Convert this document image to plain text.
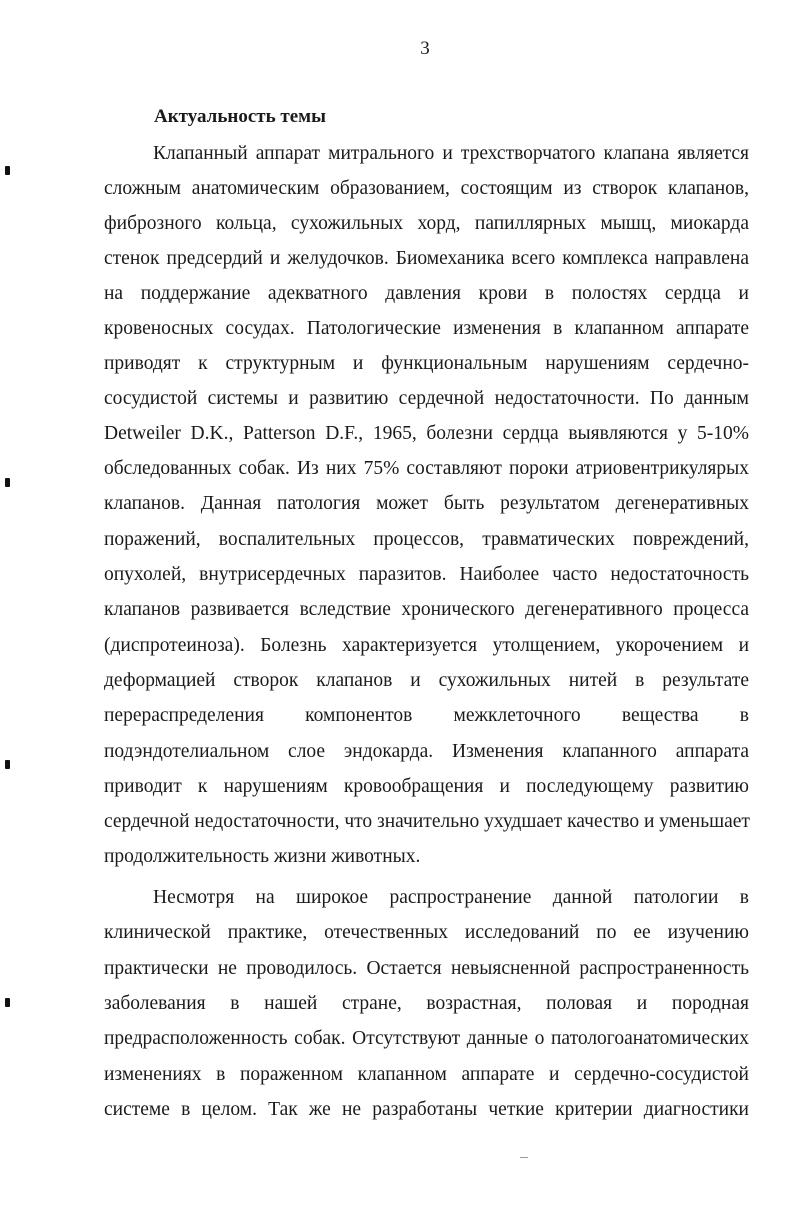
3
Актуальность темы
Клапанный аппарат митрального и трехстворчатого клапана является
сложным анатомическим образованием, состоящим из створок клапанов,
фиброзного кольца, сухожильных хорд, папиллярных мышц, миокарда
стенок предсердий и желудочков. Биомеханика всего комплекса направлена
на поддержание адекватного давления крови в полостях сердца и
кровеносных сосудах. Патологические изменения в клапанном аппарате
приводят к структурным и функциональным нарушениям сердечно-
сосудистой системы и развитию сердечной недостаточности. По данным
Detweiler D.K., Patterson D.F., 1965, болезни сердца выявляются у 5-10%
обследованных собак. Из них 75% составляют пороки атриовентрикулярых
клапанов. Данная патология может быть результатом дегенеративных
поражений, воспалительных процессов, травматических повреждений,
опухолей, внутрисердечных паразитов. Наиболее часто недостаточность
клапанов развивается вследствие хронического дегенеративного процесса
(диспротеиноза). Болезнь характеризуется утолщением, укорочением и
деформацией створок клапанов и сухожильных нитей в результате
перераспределения компонентов межклеточного вещества в
подэндотелиальном слое эндокарда. Изменения клапанного аппарата
приводит к нарушениям кровообращения и последующему развитию
сердечной недостаточности, что значительно ухудшает качество и уменьшает
продолжительность жизни животных.
Несмотря на широкое распространение данной патологии в
клинической практике, отечественных исследований по ее изучению
практически не проводилось. Остается невыясненной распространенность
заболевания в нашей стране, возрастная, половая и породная
предрасположенность собак. Отсутствуют данные о патологоанатомических
изменениях в пораженном клапанном аппарате и сердечно-сосудистой
системе в целом. Так же не разработаны четкие критерии диагностики
